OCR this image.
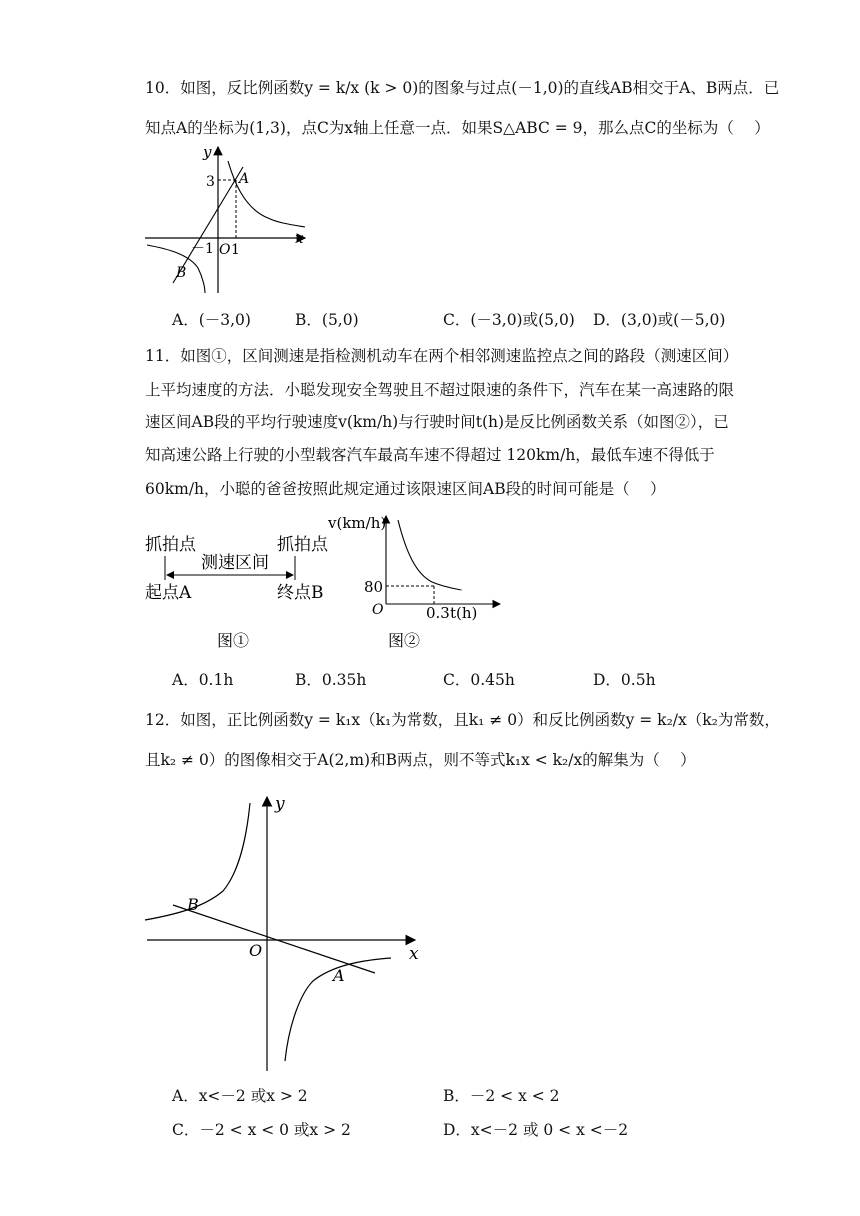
10．如图，反比例函数y = k/x (k > 0)的图象与过点(－1,0)的直线AB相交于A、B两点．已
知点A的坐标为(1,3)，点C为x轴上任意一点．如果S△ABC = 9，那么点C的坐标为（　 ）
y
x
3
－1 O 1
A
B
A．(－3,0)	B．(5,0)	C．(－3,0)或(5,0) D．(3,0)或(－5,0)
11．如图①，区间测速是指检测机动车在两个相邻测速监控点之间的路段（测速区间）
上平均速度的方法．小聪发现安全驾驶且不超过限速的条件下，汽车在某一高速路的限
速区间AB段的平均行驶速度v(km/h)与行驶时间t(h)是反比例函数关系（如图②），已
知高速公路上行驶的小型载客汽车最高车速不得超过 120km/h，最低车速不得低于
60km/h，小聪的爸爸按照此规定通过该限速区间AB段的时间可能是（　 ）
抓拍点	抓拍点
测速区间
起点A	终点B
图①
v(km/h)
80
O	0.3 t(h)
图②
A．0.1h	B．0.35h	C．0.45h	D．0.5h
12．如图，正比例函数y = k₁x（k₁为常数，且k₁ ≠ 0）和反比例函数y = k₂/x（k₂为常数，
且k₂ ≠ 0）的图像相交于A(2,m)和B两点，则不等式k₁x < k₂/x的解集为（　 ）
y
x
O
A
B
A．x<－2 或x > 2	B．－2 < x < 2
C．－2 < x < 0 或x > 2	D．x<－2 或 0 < x <－2
